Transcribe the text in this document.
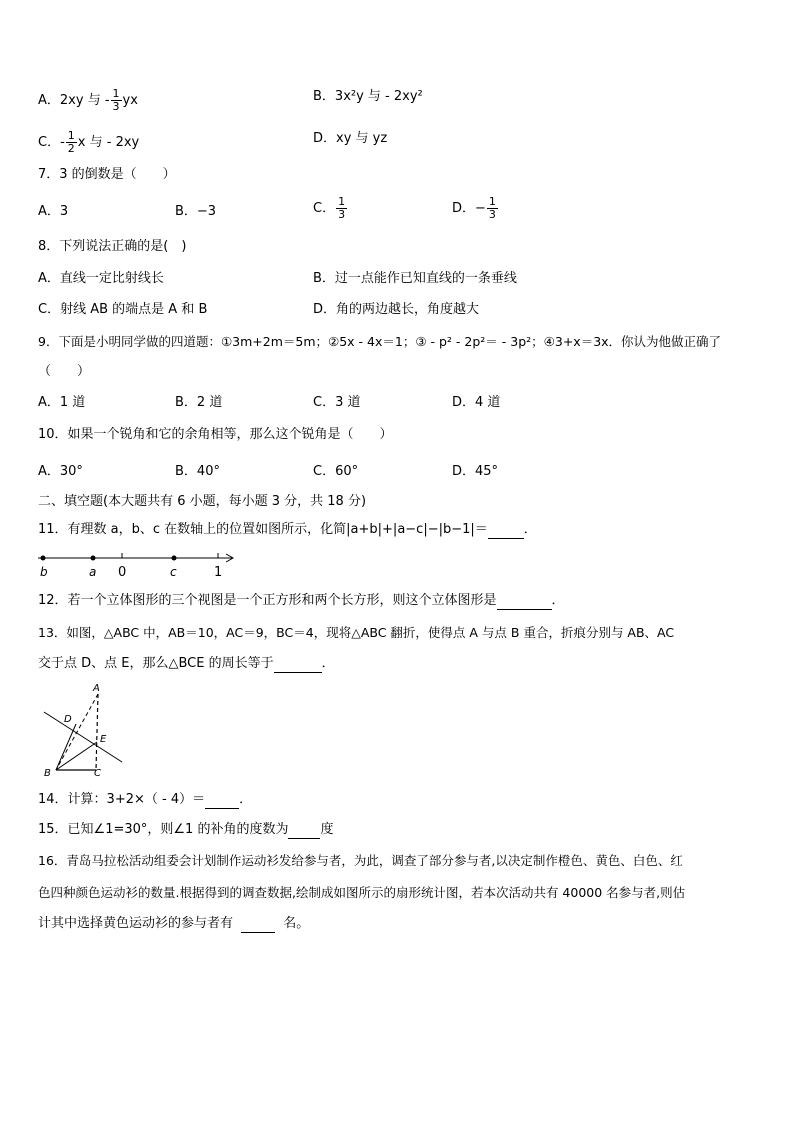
A．2xy 与 - $\frac{1}{3}$ yx	B．3x²y 与 - 2xy²
C．- $\frac{1}{2}$ x 与 - 2xy	D．xy 与 yz
7．3 的倒数是（　　）
A．3	B．−3	C． $\frac{1}{3}$	D．− $\frac{1}{3}$
8．下列说法正确的是(　)
A．直线一定比射线长	B．过一点能作已知直线的一条垂线
C．射线 AB 的端点是 A 和 B	D．角的两边越长，角度越大
9．下面是小明同学做的四道题：①3m+2m＝5m；②5x - 4x＝1；③ - p² - 2p²＝ - 3p²；④3+x＝3x．你认为他做正确了
（　　）
A．1 道	B．2 道	C．3 道	D．4 道
10．如果一个锐角和它的余角相等，那么这个锐角是（　　）
A．30°	B．40°	C．60°	D．45°
二、填空题(本大题共有 6 小题，每小题 3 分，共 18 分)
11．有理数 a，b、c 在数轴上的位置如图所示，化简|a+b|+|a−c|−|b−1|＝	．
b	a 0	c	1
12．若一个立体图形的三个视图是一个正方形和两个长方形，则这个立体图形是	．
13．如图，△ABC 中，AB＝10，AC＝9，BC＝4，现将△ABC 翻折，使得点 A 与点 B 重合，折痕分别与 AB、AC
交于点 D、点 E，那么△BCE 的周长等于	．
A
D
E
B	C
14．计算：3+2×（ - 4）＝	．
15．已知∠1=30°，则∠1 的补角的度数为 度
16．青岛马拉松活动组委会计划制作运动衫发给参与者，为此，调查了部分参与者,以决定制作橙色、黄色、白色、红
色四种颜色运动衫的数量.根据得到的调查数据,绘制成如图所示的扇形统计图，若本次活动共有 40000 名参与者,则估
计其中选择黄色运动衫的参与者有	名。
